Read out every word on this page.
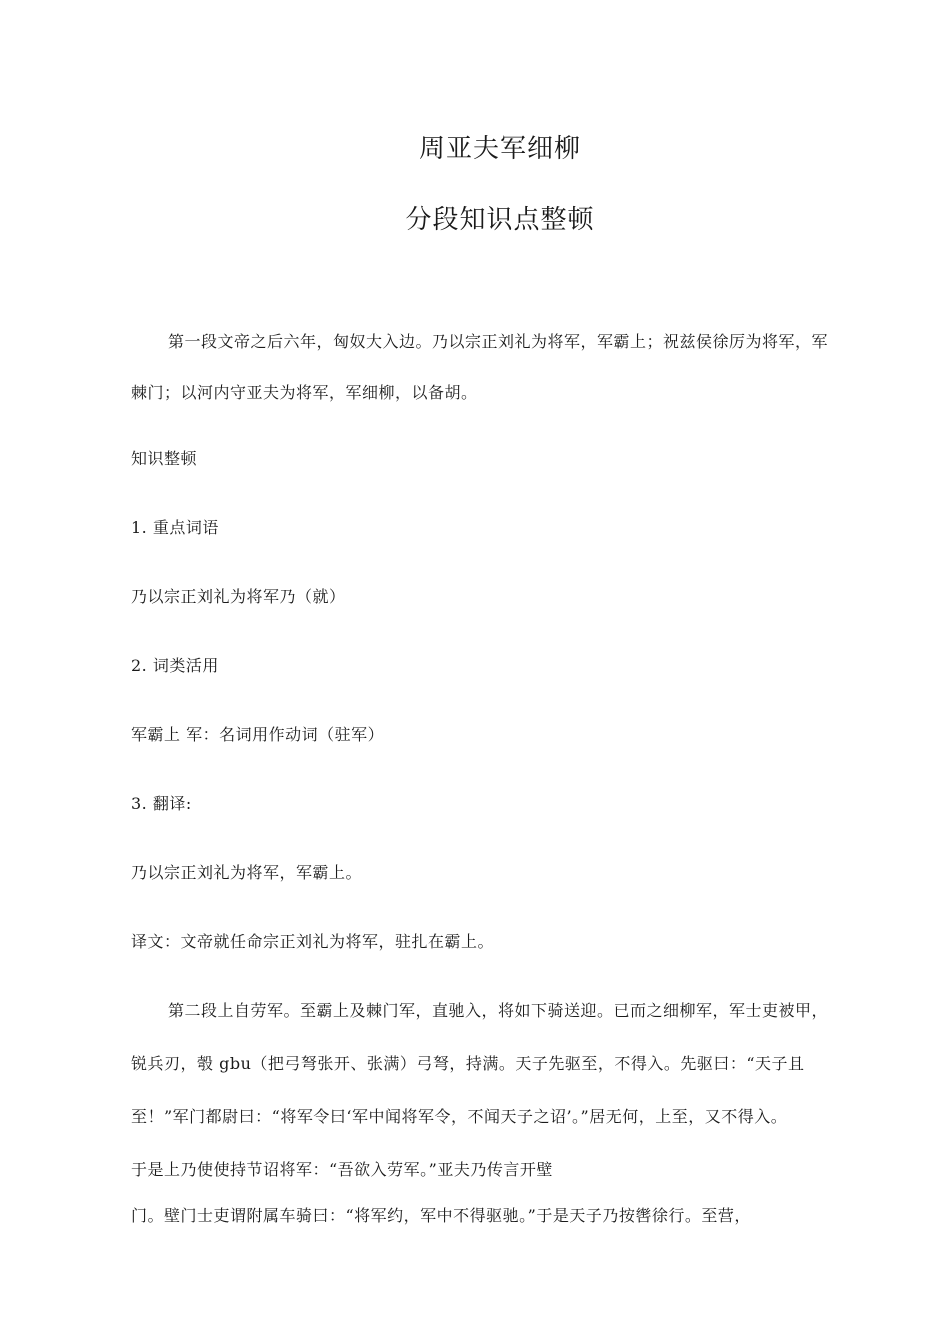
周亚夫军细柳
分段知识点整顿
第一段文帝之后六年，匈奴大入边。乃以宗正刘礼为将军，军霸上；祝兹侯徐厉为将军，军
棘门；以河内守亚夫为将军，军细柳，以备胡。
知识整顿
1. 重点词语
乃以宗正刘礼为将军乃（就）
2. 词类活用
军霸上 军：名词用作动词（驻军）
3. 翻译:
乃以宗正刘礼为将军，军霸上。
译文：文帝就任命宗正刘礼为将军，驻扎在霸上。
第二段上自劳军。至霸上及棘门军，直驰入，将如下骑送迎。已而之细柳军，军士吏被甲，
锐兵刃，彀 gbu（把弓弩张开、张满）弓弩，持满。天子先驱至，不得入。先驱曰：“天子且
至！”军门都尉曰：“将军令曰‘军中闻将军令，不闻天子之诏’。”居无何，上至，又不得入。
于是上乃使使持节诏将军：“吾欲入劳军。”亚夫乃传言开壁
门。壁门士吏谓附属车骑曰：“将军约，军中不得驱驰。”于是天子乃按辔徐行。至营，
